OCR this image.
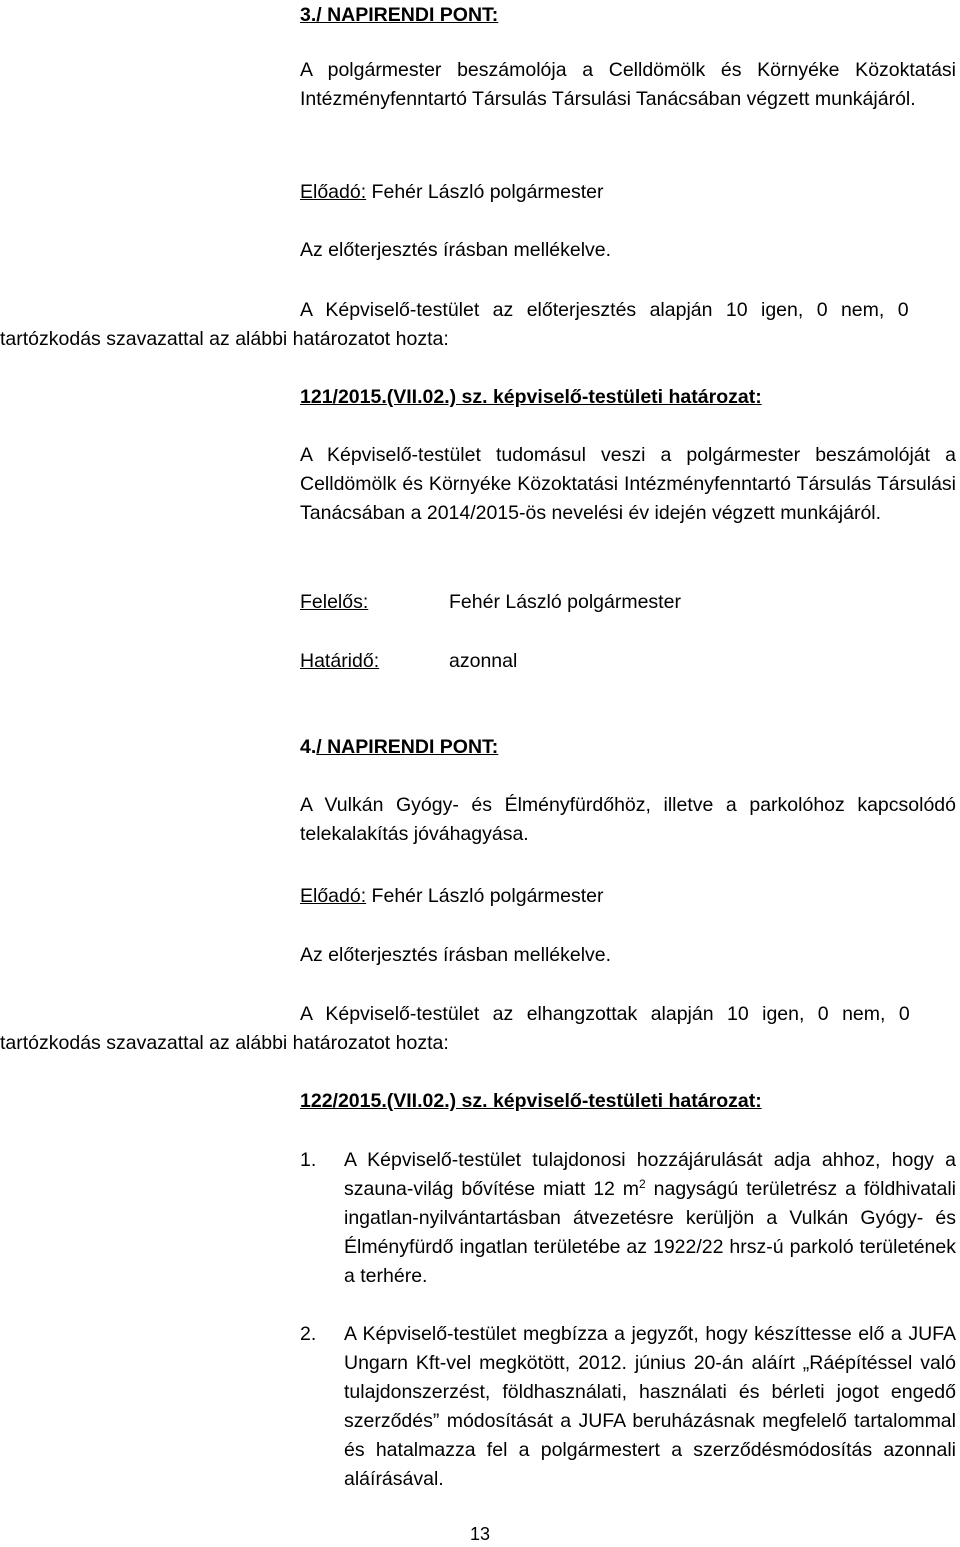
3./ NAPIRENDI PONT:

A polgármester beszámolója a Celldömölk és Környéke Közoktatási Intézményfenntartó Társulás Társulási Tanácsában végzett munkájáról.

Előadó: Fehér László polgármester
Az előterjesztés írásban mellékelve.
A Képviselő-testület az előterjesztés alapján 10 igen, 0 nem, 0
tartózkodás szavazattal az alábbi határozatot hozta:
121/2015.(VII.02.) sz. képviselő-testületi határozat:

A Képviselő-testület tudomásul veszi a polgármester beszámolóját a Celldömölk és Környéke Közoktatási Intézményfenntartó Társulás Társulási Tanácsában a 2014/2015-ös nevelési év idején végzett munkájáról.

Felelős:	Fehér László polgármester
Határidő:	azonnal
4./ NAPIRENDI PONT:

A Vulkán Gyógy- és Élményfürdőhöz, illetve a parkolóhoz kapcsolódó telekalakítás jóváhagyása.

Előadó: Fehér László polgármester
Az előterjesztés írásban mellékelve.
A Képviselő-testület az elhangzottak alapján 10 igen, 0 nem, 0
tartózkodás szavazattal az alábbi határozatot hozta:
122/2015.(VII.02.) sz. képviselő-testületi határozat:
1. A Képviselő-testület tulajdonosi hozzájárulását adja ahhoz, hogy a szauna-világ bővítése miatt 12 $m^2$ nagyságú területrész a földhivatali ingatlan-nyilvántartásban átvezetésre kerüljön a Vulkán Gyógy- és Élményfürdő ingatlan területébe az 1922/22 hrsz-ú parkoló területének a terhére.

2. A Képviselő-testület megbízza a jegyzőt, hogy készíttesse elő a JUFA Ungarn Kft-vel megkötött, 2012. június 20-án aláírt „Ráépítéssel való tulajdonszerzést, földhasználati, használati és bérleti jogot engedő szerződés” módosítását a JUFA beruházásnak megfelelő tartalommal és hatalmazza fel a polgármestert a szerződésmódosítás azonnali aláírásával.

13
